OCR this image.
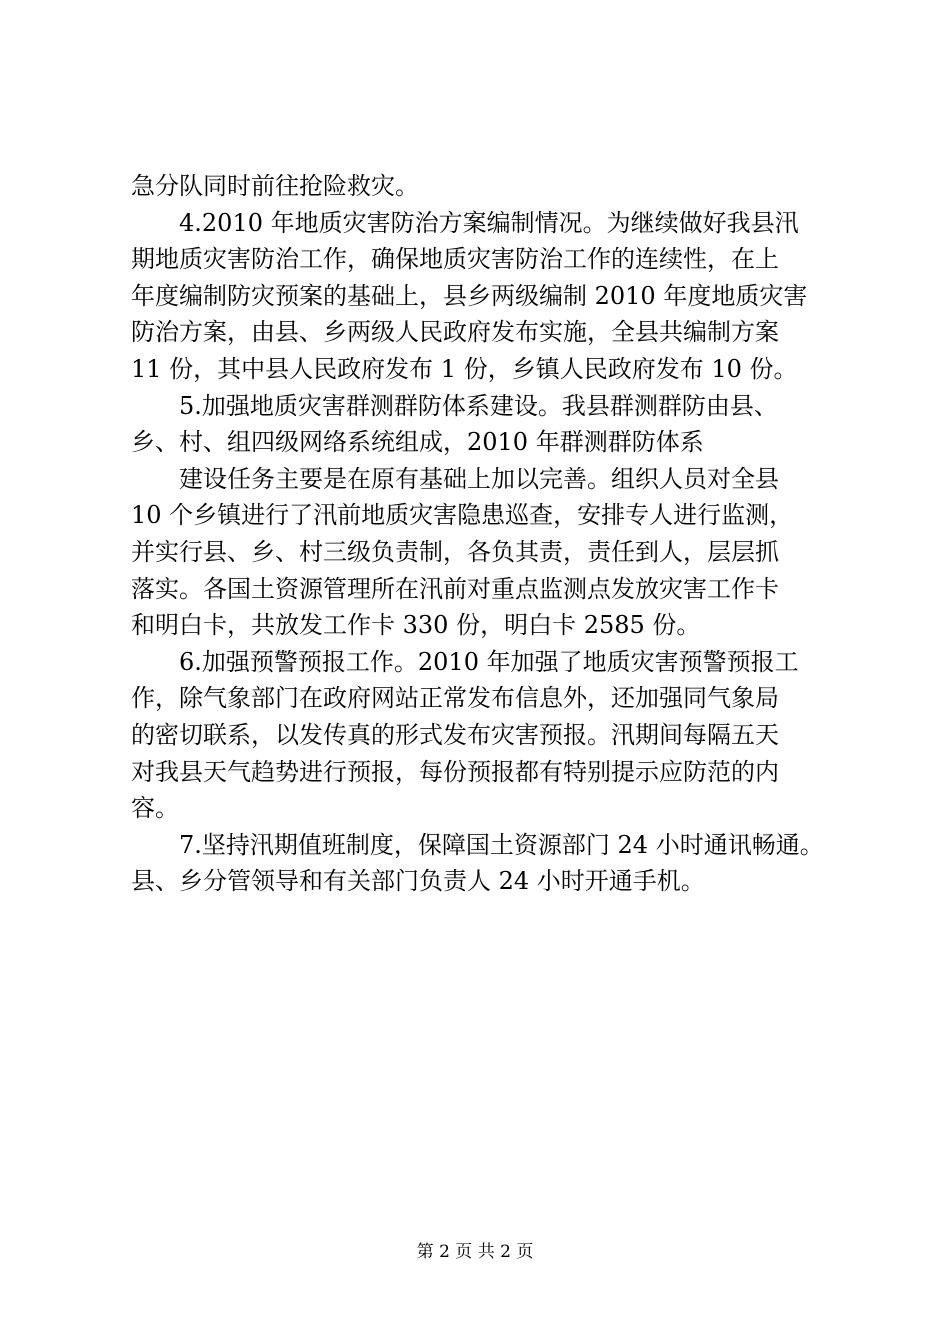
急分队同时前往抢险救灾。
4.2010 年地质灾害防治方案编制情况。为继续做好我县汛
期地质灾害防治工作，确保地质灾害防治工作的连续性，在上
年度编制防灾预案的基础上，县乡两级编制 2010 年度地质灾害
防治方案，由县、乡两级人民政府发布实施，全县共编制方案
11 份，其中县人民政府发布 1 份，乡镇人民政府发布 10 份。
5.加强地质灾害群测群防体系建设。我县群测群防由县、
乡、村、组四级网络系统组成，2010 年群测群防体系
建设任务主要是在原有基础上加以完善。组织人员对全县
10 个乡镇进行了汛前地质灾害隐患巡查，安排专人进行监测，
并实行县、乡、村三级负责制，各负其责，责任到人，层层抓
落实。各国土资源管理所在汛前对重点监测点发放灾害工作卡
和明白卡，共放发工作卡 330 份，明白卡 2585 份。
6.加强预警预报工作。2010 年加强了地质灾害预警预报工
作，除气象部门在政府网站正常发布信息外，还加强同气象局
的密切联系，以发传真的形式发布灾害预报。汛期间每隔五天
对我县天气趋势进行预报，每份预报都有特别提示应防范的内
容。
7.坚持汛期值班制度，保障国土资源部门 24 小时通讯畅通。
县、乡分管领导和有关部门负责人 24 小时开通手机。
第 2 页 共 2 页
